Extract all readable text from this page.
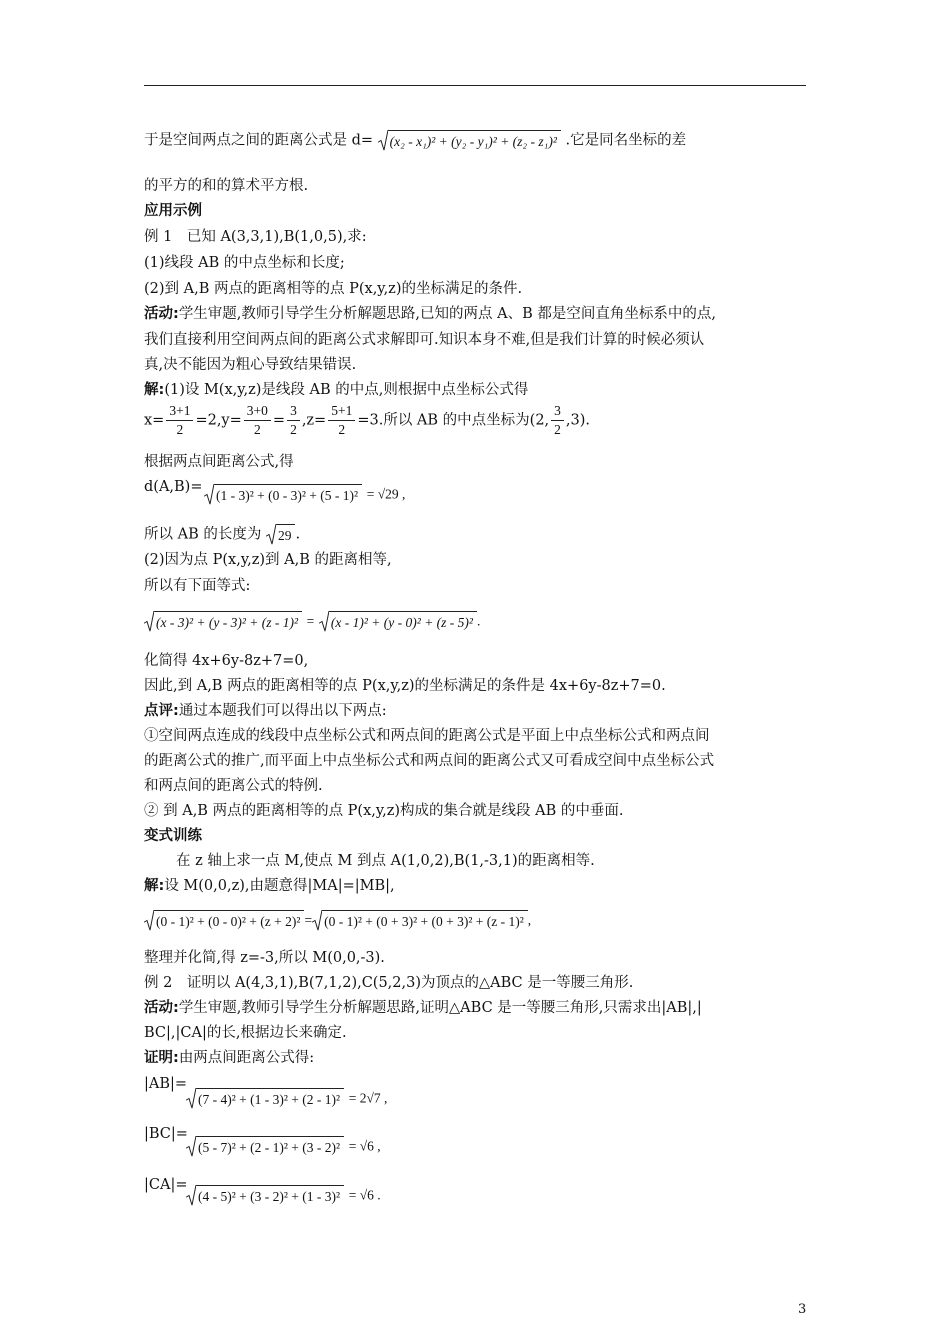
于是空间两点之间的距离公式是 d= (x₂ - x₁)² + (y₂ - y₁)² + (z₂ - z₁)² .它是同名坐标的差
的平方的和的算术平方根.
应用示例
例 1　已知 A(3,3,1),B(1,0,5),求:
(1)线段 AB 的中点坐标和长度;
(2)到 A,B 两点的距离相等的点 P(x,y,z)的坐标满足的条件.
活动:学生审题,教师引导学生分析解题思路,已知的两点 A、B 都是空间直角坐标系中的点,
我们直接利用空间两点间的距离公式求解即可.知识本身不难,但是我们计算的时候必须认
真,决不能因为粗心导致结果错误.
解:(1)设 M(x,y,z)是线段 AB 的中点,则根据中点坐标公式得
$x= \frac{3+1}{2} =2,y= \frac{3+0}{2} = \frac{3}{2} ,z= \frac{5+1}{2} =3$.所以 AB 的中点坐标为(2, $\frac{3}{2} ,3$).
根据两点间距离公式,得
d(A,B)=
(1 - 3)² + (0 - 3)² + (5 - 1)² = √29 ,
所以 AB 的长度为 29 .
(2)因为点 P(x,y,z)到 A,B 的距离相等,
所以有下面等式:
(x - 3)² + (y - 3)² + (z - 1)² = (x - 1)² + (y - 0)² + (z - 5)² .
化简得 4x+6y-8z+7=0,
因此,到 A,B 两点的距离相等的点 P(x,y,z)的坐标满足的条件是 4x+6y-8z+7=0.
点评:通过本题我们可以得出以下两点:
①空间两点连成的线段中点坐标公式和两点间的距离公式是平面上中点坐标公式和两点间
的距离公式的推广,而平面上中点坐标公式和两点间的距离公式又可看成空间中点坐标公式
和两点间的距离公式的特例.
② 到 A,B 两点的距离相等的点 P(x,y,z)构成的集合就是线段 AB 的中垂面.
变式训练
在 z 轴上求一点 M,使点 M 到点 A(1,0,2),B(1,-3,1)的距离相等.
解:设 M(0,0,z),由题意得|MA|=|MB|,
(0 - 1)² + (0 - 0)² + (z + 2)² = (0 - 1)² + (0 + 3)² + (0 + 3)² + (z - 1)² ,
整理并化简,得 z=-3,所以 M(0,0,-3).
例 2　证明以 A(4,3,1),B(7,1,2),C(5,2,3)为顶点的△ABC 是一等腰三角形.
活动:学生审题,教师引导学生分析解题思路,证明△ABC 是一等腰三角形,只需求出|AB|,|
BC|,|CA|的长,根据边长来确定.
证明:由两点间距离公式得:
|AB|=
(7 - 4)² + (1 - 3)² + (2 - 1)² = 2√7 ,
|BC|=
(5 - 7)² + (2 - 1)² + (3 - 2)² = √6 ,
|CA|=
(4 - 5)² + (3 - 2)² + (1 - 3)² = √6 .
3
